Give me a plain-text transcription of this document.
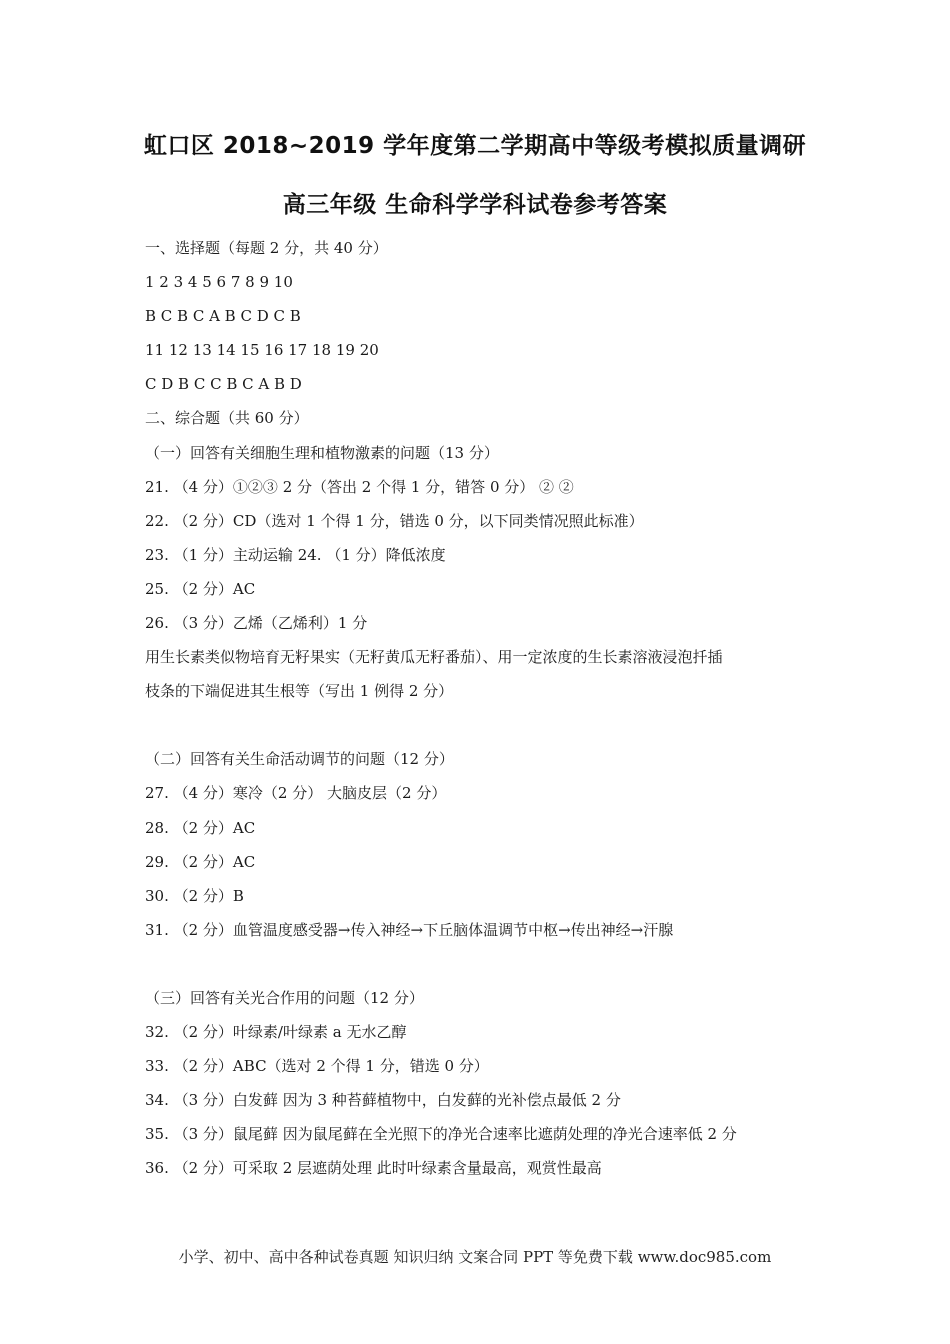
虹口区 2018~2019 学年度第二学期高中等级考模拟质量调研
高三年级 生命科学学科试卷参考答案
一、选择题（每题 2 分，共 40 分）
1 2 3 4 5 6 7 8 9 10
B C B C A B C D C B
11 12 13 14 15 16 17 18 19 20
C D B C C B C A B D
二、综合题（共 60 分）
（一）回答有关细胞生理和植物激素的问题（13 分）
21. （4 分）①②③ 2 分（答出 2 个得 1 分，错答 0 分） ② ②
22. （2 分）CD（选对 1 个得 1 分，错选 0 分，以下同类情况照此标准）
23. （1 分）主动运输 24. （1 分）降低浓度
25. （2 分）AC
26. （3 分）乙烯（乙烯利）1 分
用生长素类似物培育无籽果实（无籽黄瓜无籽番茄）、用一定浓度的生长素溶液浸泡扦插
枝条的下端促进其生根等（写出 1 例得 2 分）
（二）回答有关生命活动调节的问题（12 分）
27. （4 分）寒冷（2 分） 大脑皮层（2 分）
28. （2 分）AC
29. （2 分）AC
30. （2 分）B
31. （2 分）血管温度感受器→传入神经→下丘脑体温调节中枢→传出神经→汗腺
（三）回答有关光合作用的问题（12 分）
32. （2 分）叶绿素/叶绿素 a 无水乙醇
33. （2 分）ABC（选对 2 个得 1 分，错选 0 分）
34. （3 分）白发藓 因为 3 种苔藓植物中，白发藓的光补偿点最低 2 分
35. （3 分）鼠尾藓 因为鼠尾藓在全光照下的净光合速率比遮荫处理的净光合速率低 2 分
36. （2 分）可采取 2 层遮荫处理 此时叶绿素含量最高，观赏性最高
小学、初中、高中各种试卷真题 知识归纳 文案合同 PPT 等免费下载 www.doc985.com
